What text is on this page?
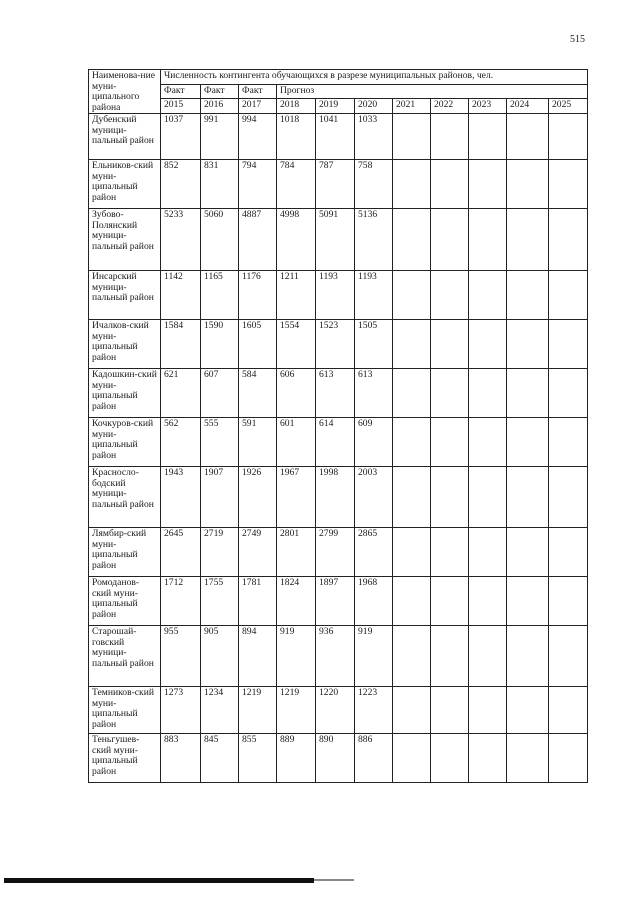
515
Наименова-ние муни-ципального района	Численность контингента обучающихся в разрезе муниципальных районов, чел.										
	Факт	Факт	Факт	Прогноз							
	2015	2016	2017	2018	2019	2020	2021	2022	2023	2024	2025
Дубенский муници-пальный район	1037	991	994	1018	1041	1033					
Ельников-ский муни-ципальный район	852	831	794	784	787	758					
Зубово-Полянский муници-пальный район	5233	5060	4887	4998	5091	5136					
Инсарский муници-пальный район	1142	1165	1176	1211	1193	1193					
Ичалков-ский муни-ципальный район	1584	1590	1605	1554	1523	1505					
Кадошкин-ский муни-ципальный район	621	607	584	606	613	613					
Кочкуров-ский муни-ципальный район	562	555	591	601	614	609					
Краснослo-бодский муници-пальный район	1943	1907	1926	1967	1998	2003					
Лямбир-ский муни-ципальный район	2645	2719	2749	2801	2799	2865					
Ромоданов-ский муни-ципальный район	1712	1755	1781	1824	1897	1968					
Старошай-говский муници-пальный район	955	905	894	919	936	919					
Темников-ский муни-ципальный район	1273	1234	1219	1219	1220	1223					
Теньгушев-ский муни-ципальный район	883	845	855	889	890	886					
